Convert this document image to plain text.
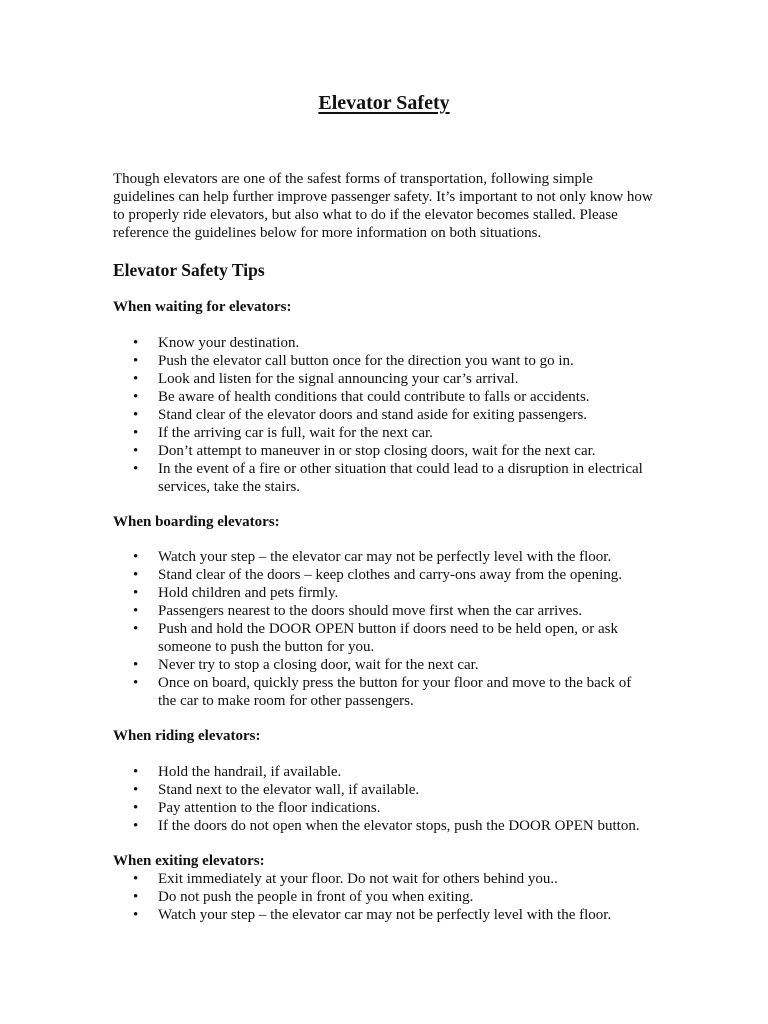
Elevator Safety

Though elevators are one of the safest forms of transportation, following simple guidelines can help further improve passenger safety. It’s important to not only know how to properly ride elevators, but also what to do if the elevator becomes stalled. Please reference the guidelines below for more information on both situations.

Elevator Safety Tips
When waiting for elevators:
• Know your destination.
• Push the elevator call button once for the direction you want to go in.
• Look and listen for the signal announcing your car’s arrival.
• Be aware of health conditions that could contribute to falls or accidents.
• Stand clear of the elevator doors and stand aside for exiting passengers.
• If the arriving car is full, wait for the next car.
• Don’t attempt to maneuver in or stop closing doors, wait for the next car.
• In the event of a fire or other situation that could lead to a disruption in electrical services, take the stairs.
When boarding elevators:
• Watch your step – the elevator car may not be perfectly level with the floor.
• Stand clear of the doors – keep clothes and carry-ons away from the opening.
• Hold children and pets firmly.
• Passengers nearest to the doors should move first when the car arrives.
• Push and hold the DOOR OPEN button if doors need to be held open, or ask someone to push the button for you.
• Never try to stop a closing door, wait for the next car.
• Once on board, quickly press the button for your floor and move to the back of the car to make room for other passengers.
When riding elevators:
• Hold the handrail, if available.
• Stand next to the elevator wall, if available.
• Pay attention to the floor indications.
• If the doors do not open when the elevator stops, push the DOOR OPEN button.
When exiting elevators:
• Exit immediately at your floor. Do not wait for others behind you..
• Do not push the people in front of you when exiting.
• Watch your step – the elevator car may not be perfectly level with the floor.
